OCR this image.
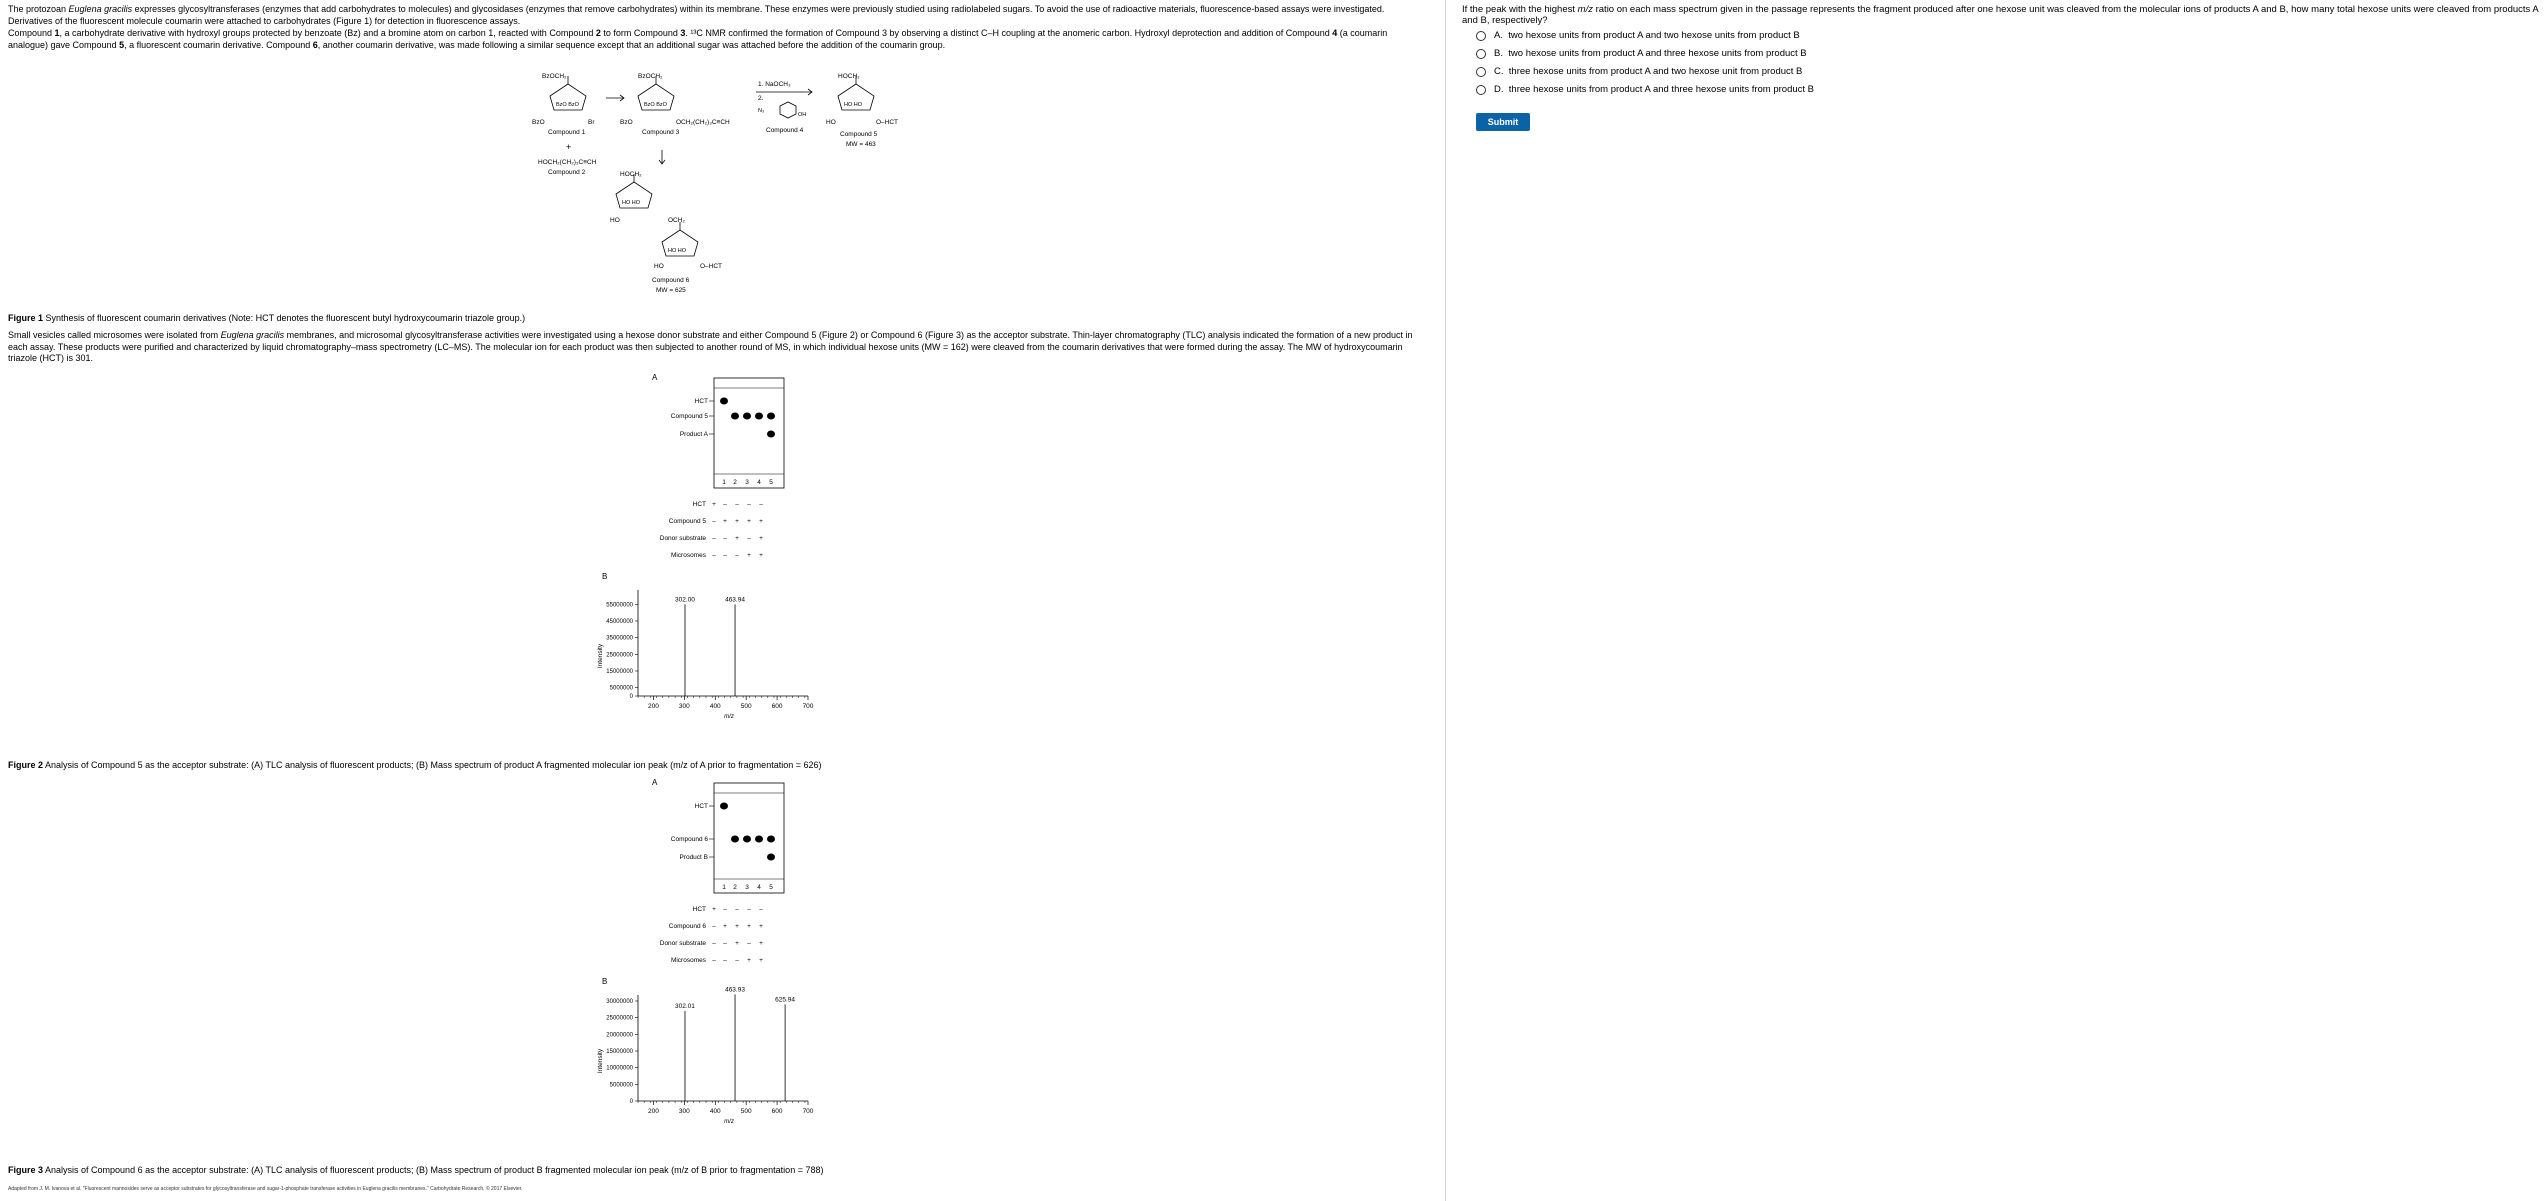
The protozoan Euglena gracilis expresses glycosyltransferases (enzymes that add carbohydrates to molecules) and glycosidases (enzymes that remove carbohydrates) within its membrane. These enzymes were previously studied using radiolabeled sugars. To avoid the use of radioactive materials, fluorescence-based assays were investigated. Derivatives of the fluorescent molecule coumarin were attached to carbohydrates (Figure 1) for detection in fluorescence assays.
Compound 1, a carbohydrate derivative with hydroxyl groups protected by benzoate (Bz) and a bromine atom on carbon 1, reacted with Compound 2 to form Compound 3. ¹³C NMR confirmed the formation of Compound 3 by observing a distinct C–H coupling at the anomeric carbon. Hydroxyl deprotection and addition of Compound 4 (a coumarin analogue) gave Compound 5, a fluorescent coumarin derivative. Compound 6, another coumarin derivative, was made following a similar sequence except that an additional sugar was attached before the addition of the coumarin group.
BzOCH₂
BzO BzO
BzO	Br
Compound 1
+
HOCH₂(CH₂)₃C≡CH
Compound 2
BzOCH₂
BzO BzO
BzO	OCH₂(CH₂)₃C≡CH
Compound 3
1. NaOCH₃
2.
N₃
OH
Compound 4
HOCH₂
HO HO
HO	O–HCT
Compound 5
MW = 463
HOCH₂
HO HO
HO	OCH₂
HO HO
HO	O–HCT
Compound 6
MW = 625
Figure 1 Synthesis of fluorescent coumarin derivatives (Note: HCT denotes the fluorescent butyl hydroxycoumarin triazole group.)
Small vesicles called microsomes were isolated from Euglena gracilis membranes, and microsomal glycosyltransferase activities were investigated using a hexose donor substrate and either Compound 5 (Figure 2) or Compound 6 (Figure 3) as the acceptor substrate. Thin-layer chromatography (TLC) analysis indicated the formation of a new product in each assay. These products were purified and characterized by liquid chromatography–mass spectrometry (LC–MS). The molecular ion for each product was then subjected to another round of MS, in which individual hexose units (MW = 162) were cleaved from the coumarin derivatives that were formed during the assay. The MW of hydroxycoumarin triazole (HCT) is 301.
A
HCT
Compound 5
Product A
1 2 3 4 5
HCT + – – – –
Compound 5 – + + + +
Donor substrate – – + – +
Microsomes – – – + +
B
0
5000000
15000000
25000000
35000000
45000000
55000000
200	300	400	500	600	700
m/z
Intensity
302.00	463.94
Figure 2 Analysis of Compound 5 as the acceptor substrate: (A) TLC analysis of fluorescent products; (B) Mass spectrum of product A fragmented molecular ion peak (m/z of A prior to fragmentation = 626)
A
HCT
Compound 6
Product B
1 2 3 4 5
HCT + – – – –
Compound 6 – + + + +
Donor substrate – – + – +
Microsomes – – – + +
B
0
5000000
10000000
15000000
20000000
25000000
30000000
200	300	400	500	600	700
m/z
Intensity
302.01
463.93
625.94
Figure 3 Analysis of Compound 6 as the acceptor substrate: (A) TLC analysis of fluorescent products; (B) Mass spectrum of product B fragmented molecular ion peak (m/z of B prior to fragmentation = 788)
Adapted from J. M. Ivanova et al. "Fluorescent mannosides serve as acceptor substrates for glycosyltransferase and sugar-1-phosphate transferase activities in Euglena gracilis membranes." Carbohydrate Research. © 2017 Elsevier.
If the peak with the highest m/z ratio on each mass spectrum given in the passage represents the fragment produced after one hexose unit was cleaved from the molecular ions of products A and B, how many total hexose units were cleaved from products A and B, respectively?
A.
two hexose units from product A and two hexose units from product B
B.
two hexose units from product A and three hexose units from product B
C.
three hexose units from product A and two hexose unit from product B
D.
three hexose units from product A and three hexose units from product B
Submit
